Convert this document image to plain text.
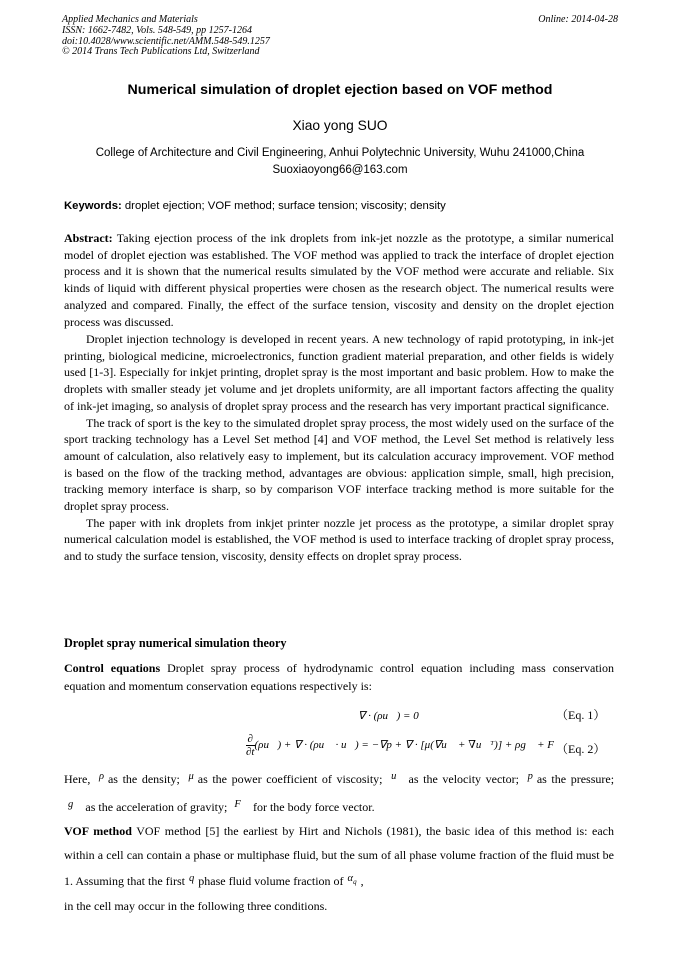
Applied Mechanics and Materials
ISSN: 1662-7482, Vols. 548-549, pp 1257-1264
doi:10.4028/www.scientific.net/AMM.548-549.1257
© 2014 Trans Tech Publications Ltd, Switzerland
Online: 2014-04-28
Numerical simulation of droplet ejection based on VOF method
Xiao yong SUO
College of Architecture and Civil Engineering, Anhui Polytechnic University, Wuhu 241000,China
Suoxiaoyong66@163.com
Keywords: droplet ejection; VOF method; surface tension; viscosity; density

Abstract: Taking ejection process of the ink droplets from ink-jet nozzle as the prototype, a similar numerical model of droplet ejection was established. The VOF method was applied to track the interface of droplet ejection process and it is shown that the numerical results simulated by the VOF method were accurate and reliable. Six kinds of liquid with different physical properties were chosen as the research object. The numerical results were analyzed and compared. Finally, the effect of the surface tension, viscosity and density on the droplet ejection process was discussed.

Droplet injection technology is developed in recent years. A new technology of rapid prototyping, in ink-jet printing, biological medicine, microelectronics, function gradient material preparation, and other fields is widely used [1-3]. Especially for inkjet printing, droplet spray is the most important and basic problem. How to make the droplets with smaller steady jet volume and jet droplets uniformity, are all important factors affecting the quality of ink-jet imaging, so analysis of droplet spray process and the research has very important practical significance.

The track of sport is the key to the simulated droplet spray process, the most widely used on the surface of the sport tracking technology has a Level Set method [4] and VOF method, the Level Set method is relatively less amount of calculation, also relatively easy to implement, but its calculation accuracy improvement. VOF method is based on the flow of the tracking method, advantages are obvious: application simple, small, high precision, tracking memory interface is sharp, so by comparison VOF interface tracking method is more suitable for the droplet spray process.

The paper with ink droplets from inkjet printer nozzle jet process as the prototype, a similar droplet spray numerical calculation model is established, the VOF method is used to interface tracking of droplet spray process, and to study the surface tension, viscosity, density effects on droplet spray process.

Droplet spray numerical simulation theory
Control equations Droplet spray process of hydrodynamic control equation including mass conservation equation and momentum conservation equations respectively is:
∇ · (ρu⃗) = 0	（Eq. 1）
$\frac{\partial}{\partial t}$ (ρu⃗) + ∇ · (ρu⃗ · u⃗) = −∇p + ∇ · [μ(∇u⃗ + ∇u⃗ᵀ)] + ρg⃗ + F⃗
（Eq. 2）
Here, ρ as the density; μ as the power coefficient of viscosity; u⃗ as the velocity vector; p as the pressure; g⃗ as the acceleration of gravity; F⃗ for the body force vector.

VOF method VOF method [5] the earliest by Hirt and Nichols (1981), the basic idea of this method is: each within a cell can contain a phase or multiphase fluid, but the sum of all phase volume fraction of the fluid must be 1. Assuming that the first q phase fluid volume fraction of $\alpha_q$ ,

in the cell may occur in the following three conditions.
